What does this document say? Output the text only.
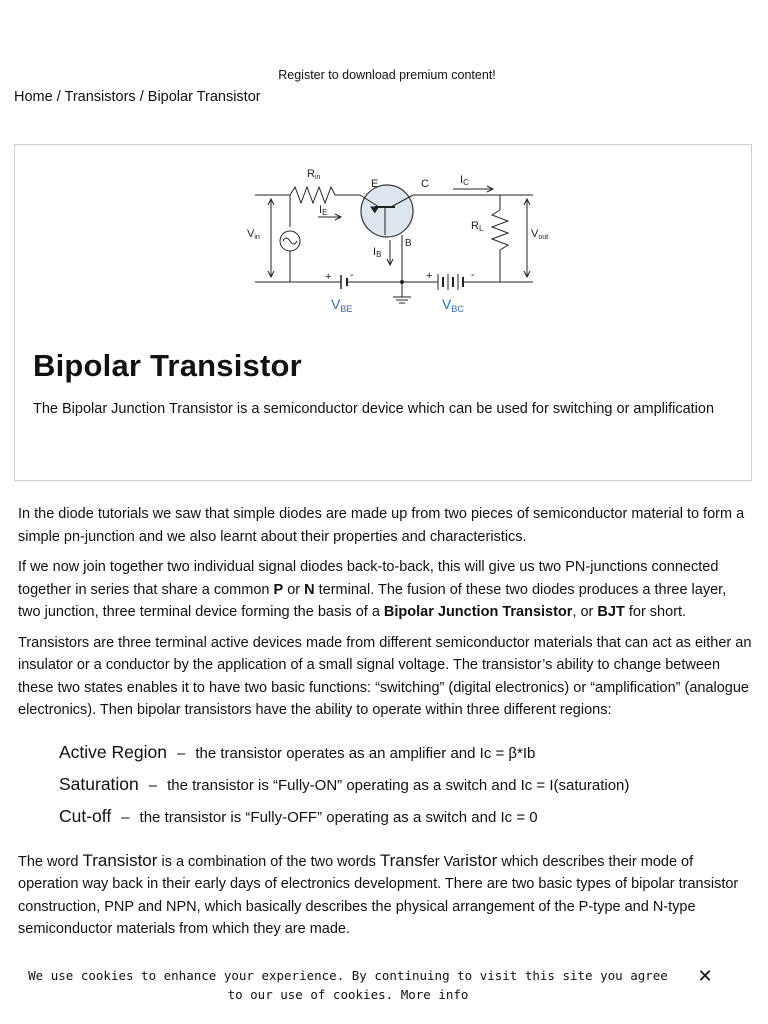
Register to download premium content!
Home / Transistors / Bipolar Transistor
Rin
E	C
B
IC
IE
IB
RL
Vin	Vout
+ -	+	-
$V_{BE}$	$V_{BC}$
Bipolar Transistor

The Bipolar Junction Transistor is a semiconductor device which can be used for switching or amplification

In the diode tutorials we saw that simple diodes are made up from two pieces of semiconductor material to form a simple pn-junction and we also learnt about their properties and characteristics.

If we now join together two individual signal diodes back-to-back, this will give us two PN-junctions connected together in series that share a common P or N terminal. The fusion of these two diodes produces a three layer, two junction, three terminal device forming the basis of a Bipolar Junction Transistor, or BJT for short.

Transistors are three terminal active devices made from different semiconductor materials that can act as either an insulator or a conductor by the application of a small signal voltage. The transistor’s ability to change between these two states enables it to have two basic functions: “switching” (digital electronics) or “amplification” (analogue electronics). Then bipolar transistors have the ability to operate within three different regions:

Active Region – the transistor operates as an amplifier and Ic = β*Ib
Saturation – the transistor is “Fully-ON” operating as a switch and Ic = I(saturation)
Cut-off – the transistor is “Fully-OFF” operating as a switch and Ic = 0

The word Transistor is a combination of the two words Transfer Varistor which describes their mode of operation way back in their early days of electronics development. There are two basic types of bipolar transistor construction, PNP and NPN, which basically describes the physical arrangement of the P-type and N-type semiconductor materials from which they are made.

We use cookies to enhance your experience. By continuing to visit this site you agree to our use of cookies. More info
✕
